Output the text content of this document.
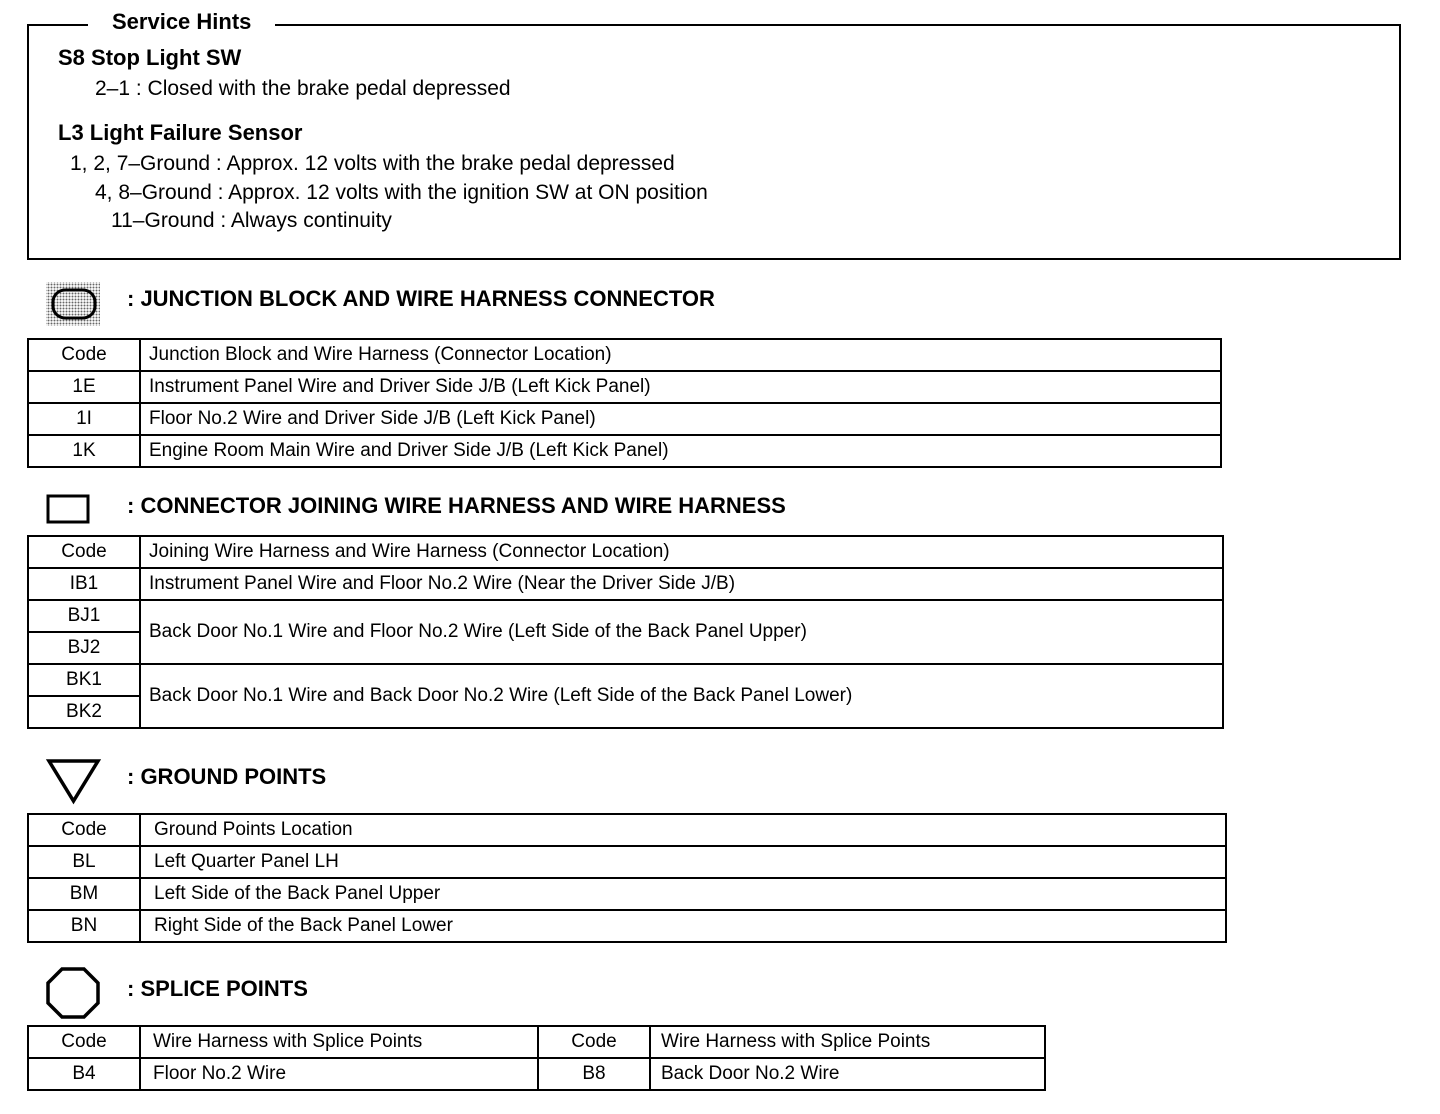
Service Hints
S8 Stop Light SW
2–1 : Closed with the brake pedal depressed
L3 Light Failure Sensor
1, 2, 7–Ground : Approx. 12 volts with the brake pedal depressed
4, 8–Ground : Approx. 12 volts with the ignition SW at ON position
11–Ground : Always continuity
: JUNCTION BLOCK AND WIRE HARNESS CONNECTOR
Code	Junction Block and Wire Harness (Connector Location)
1E	Instrument Panel Wire and Driver Side J/B (Left Kick Panel)
1I	Floor No.2 Wire and Driver Side J/B (Left Kick Panel)
1K	Engine Room Main Wire and Driver Side J/B (Left Kick Panel)
: CONNECTOR JOINING WIRE HARNESS AND WIRE HARNESS
Code	Joining Wire Harness and Wire Harness (Connector Location)
IB1	Instrument Panel Wire and Floor No.2 Wire (Near the Driver Side J/B)
BJ1	Back Door No.1 Wire and Floor No.2 Wire (Left Side of the Back Panel Upper)
BJ2	
BK1	Back Door No.1 Wire and Back Door No.2 Wire (Left Side of the Back Panel Lower)
BK2	
: GROUND POINTS
Code	Ground Points Location
BL	Left Quarter Panel LH
BM	Left Side of the Back Panel Upper
BN	Right Side of the Back Panel Lower
: SPLICE POINTS
Code	Wire Harness with Splice Points	Code	Wire Harness with Splice Points
B4	Floor No.2 Wire	B8	Back Door No.2 Wire
